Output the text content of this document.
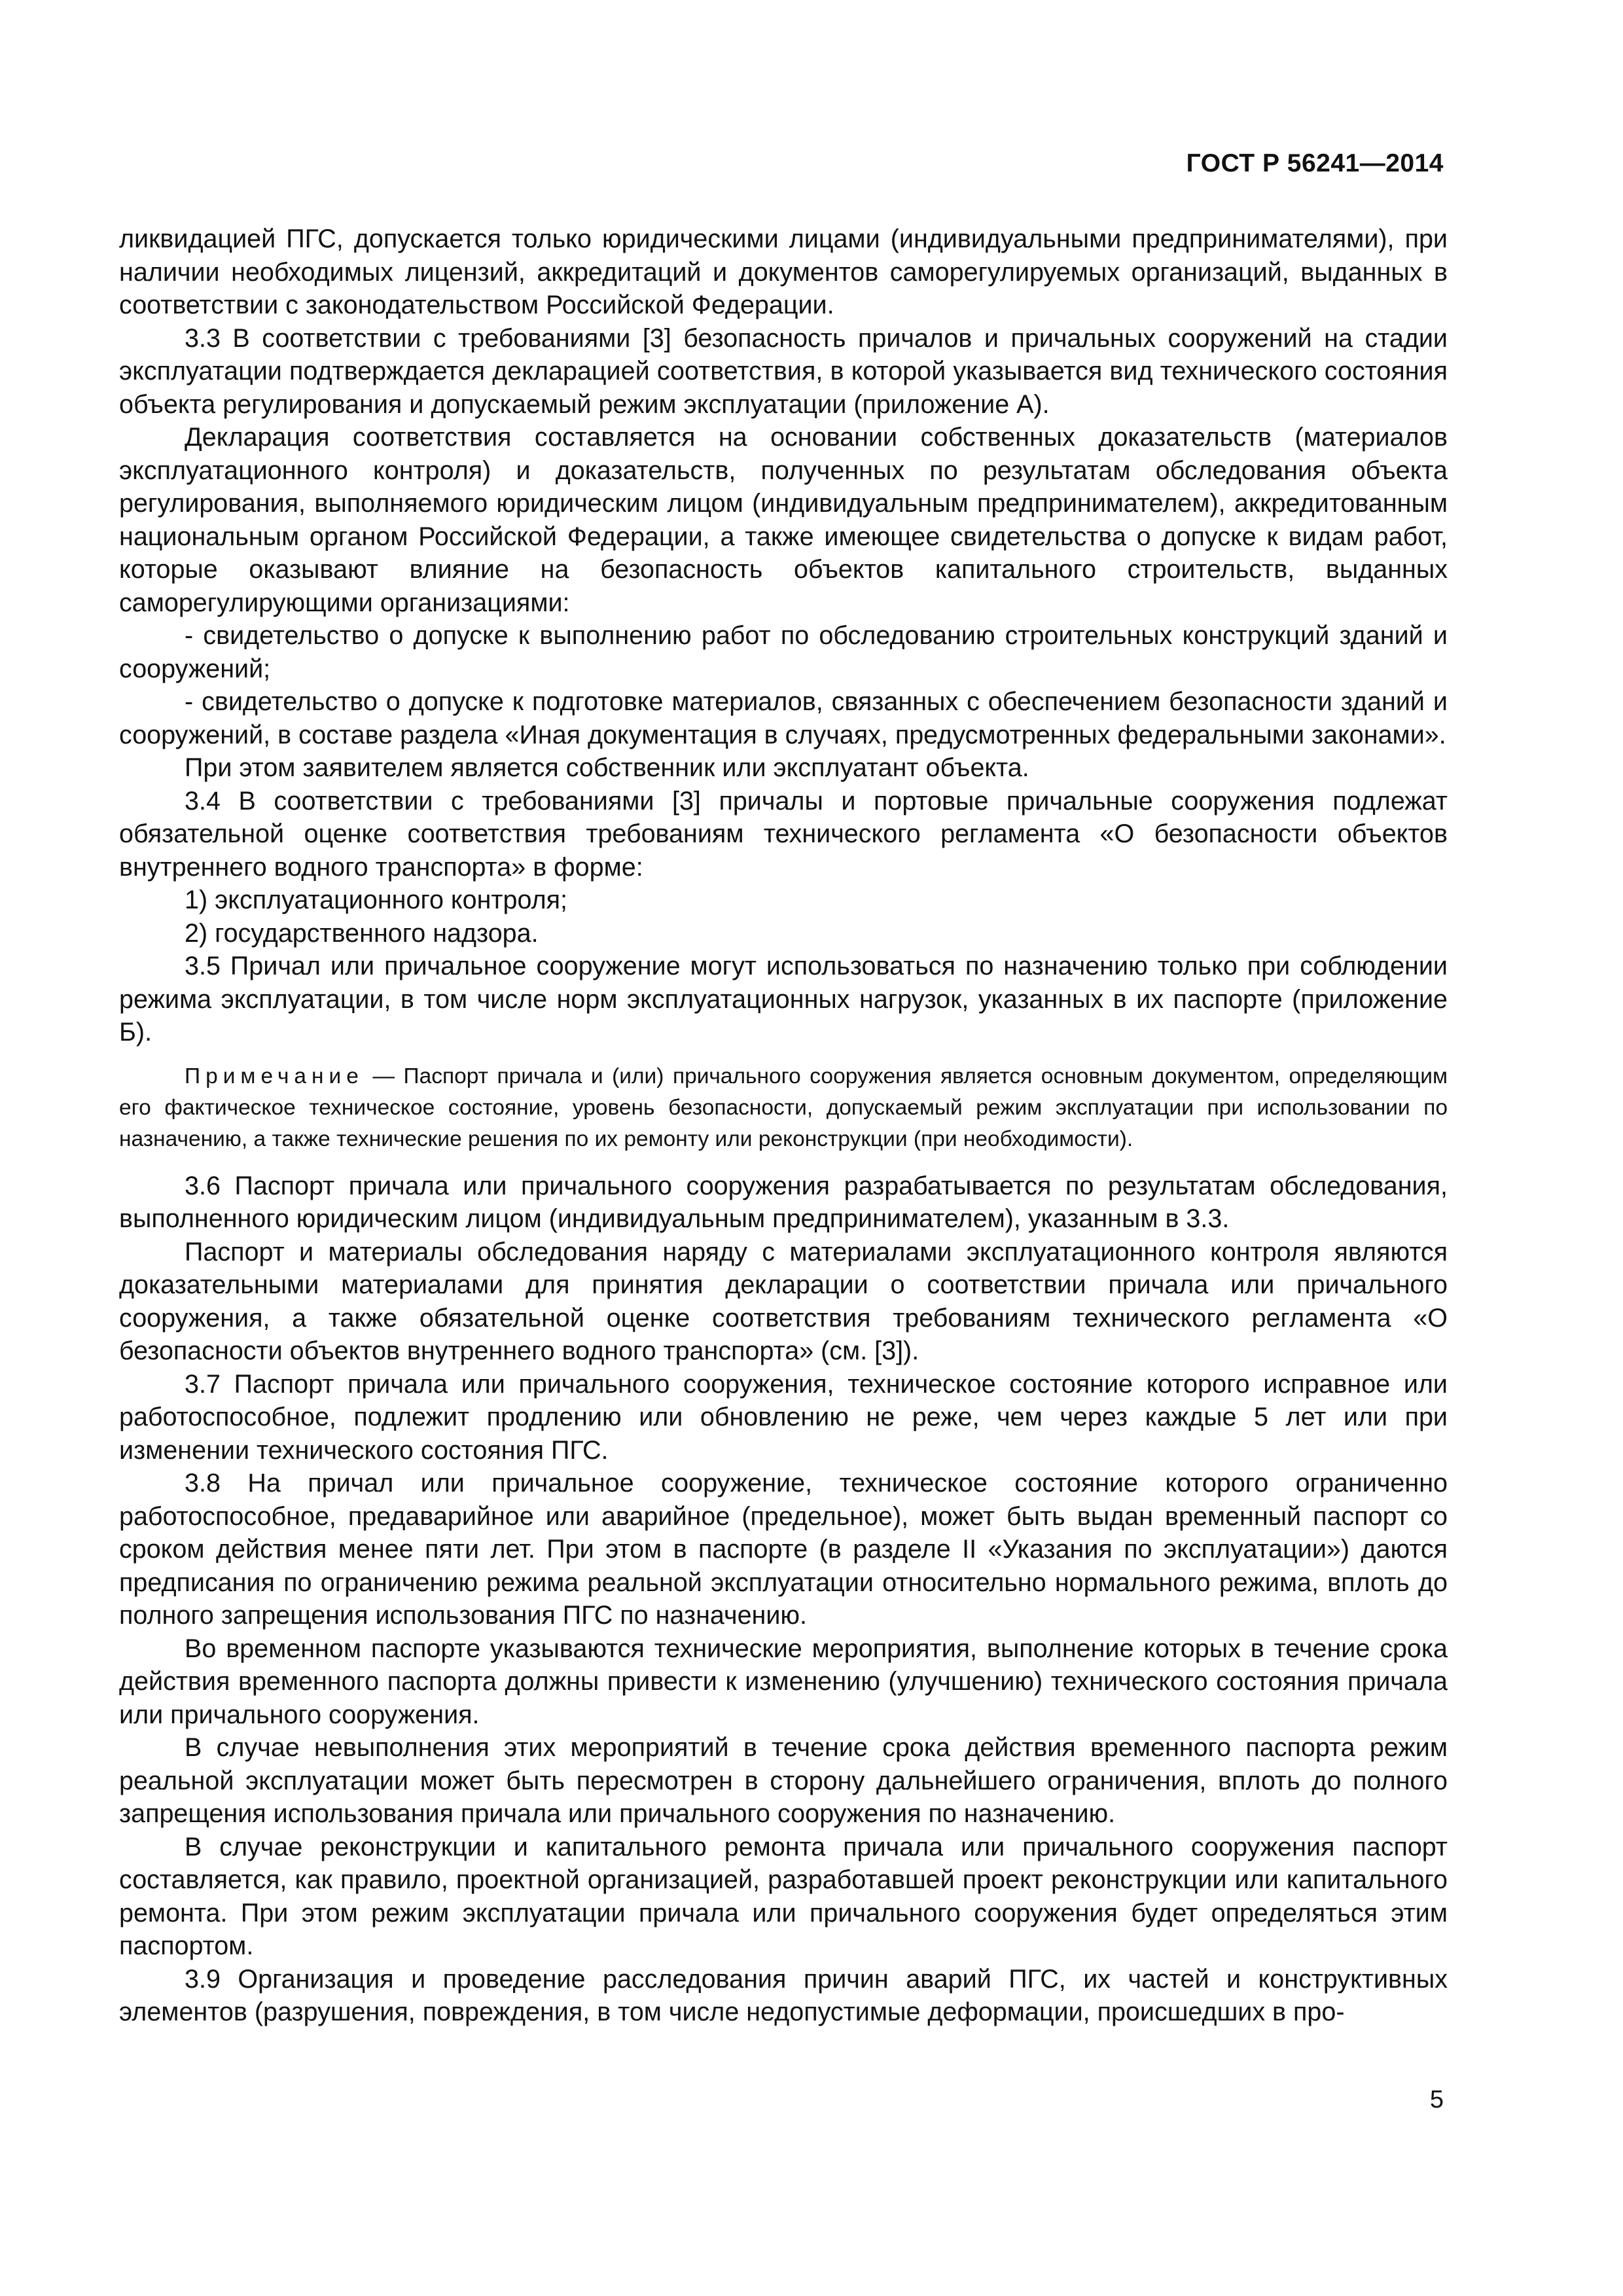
ГОСТ Р 56241—2014

ликвидацией ПГС, допускается только юридическими лицами (индивидуальными предпринимателями), при наличии необходимых лицензий, аккредитаций и документов саморегулируемых организаций, выданных в соответствии с законодательством Российской Федерации.

3.3 В соответствии с требованиями [3] безопасность причалов и причальных сооружений на стадии эксплуатации подтверждается декларацией соответствия, в которой указывается вид технического состояния объекта регулирования и допускаемый режим эксплуатации (приложение А).

Декларация соответствия составляется на основании собственных доказательств (материалов эксплуатационного контроля) и доказательств, полученных по результатам обследования объекта регулирования, выполняемого юридическим лицом (индивидуальным предпринимателем), аккредитованным национальным органом Российской Федерации, а также имеющее свидетельства о допуске к видам работ, которые оказывают влияние на безопасность объектов капитального строительств, выданных саморегулирующими организациями:

- свидетельство о допуске к выполнению работ по обследованию строительных конструкций зданий и сооружений;

- свидетельство о допуске к подготовке материалов, связанных с обеспечением безопасности зданий и сооружений, в составе раздела «Иная документация в случаях, предусмотренных федеральными законами».

При этом заявителем является собственник или эксплуатант объекта.

3.4 В соответствии с требованиями [3] причалы и портовые причальные сооружения подлежат обязательной оценке соответствия требованиям технического регламента «О безопасности объектов внутреннего водного транспорта» в форме:

1) эксплуатационного контроля;

2) государственного надзора.

3.5 Причал или причальное сооружение могут использоваться по назначению только при соблюдении режима эксплуатации, в том числе норм эксплуатационных нагрузок, указанных в их паспорте (приложение Б).

Примечание — Паспорт причала и (или) причального сооружения является основным документом, определяющим его фактическое техническое состояние, уровень безопасности, допускаемый режим эксплуатации при использовании по назначению, а также технические решения по их ремонту или реконструкции (при необходимости).

3.6 Паспорт причала или причального сооружения разрабатывается по результатам обследования, выполненного юридическим лицом (индивидуальным предпринимателем), указанным в 3.3.

Паспорт и материалы обследования наряду с материалами эксплуатационного контроля являются доказательными материалами для принятия декларации о соответствии причала или причального сооружения, а также обязательной оценке соответствия требованиям технического регламента «О безопасности объектов внутреннего водного транспорта» (см. [3]).

3.7 Паспорт причала или причального сооружения, техническое состояние которого исправное или работоспособное, подлежит продлению или обновлению не реже, чем через каждые 5 лет или при изменении технического состояния ПГС.

3.8 На причал или причальное сооружение, техническое состояние которого ограниченно работоспособное, предаварийное или аварийное (предельное), может быть выдан временный паспорт со сроком действия менее пяти лет. При этом в паспорте (в разделе II «Указания по эксплуатации») даются предписания по ограничению режима реальной эксплуатации относительно нормального режима, вплоть до полного запрещения использования ПГС по назначению.

Во временном паспорте указываются технические мероприятия, выполнение которых в течение срока действия временного паспорта должны привести к изменению (улучшению) технического состояния причала или причального сооружения.

В случае невыполнения этих мероприятий в течение срока действия временного паспорта режим реальной эксплуатации может быть пересмотрен в сторону дальнейшего ограничения, вплоть до полного запрещения использования причала или причального сооружения по назначению.

В случае реконструкции и капитального ремонта причала или причального сооружения паспорт составляется, как правило, проектной организацией, разработавшей проект реконструкции или капитального ремонта. При этом режим эксплуатации причала или причального сооружения будет определяться этим паспортом.

3.9 Организация и проведение расследования причин аварий ПГС, их частей и конструктивных элементов (разрушения, повреждения, в том числе недопустимые деформации, происшедших в про-

5
